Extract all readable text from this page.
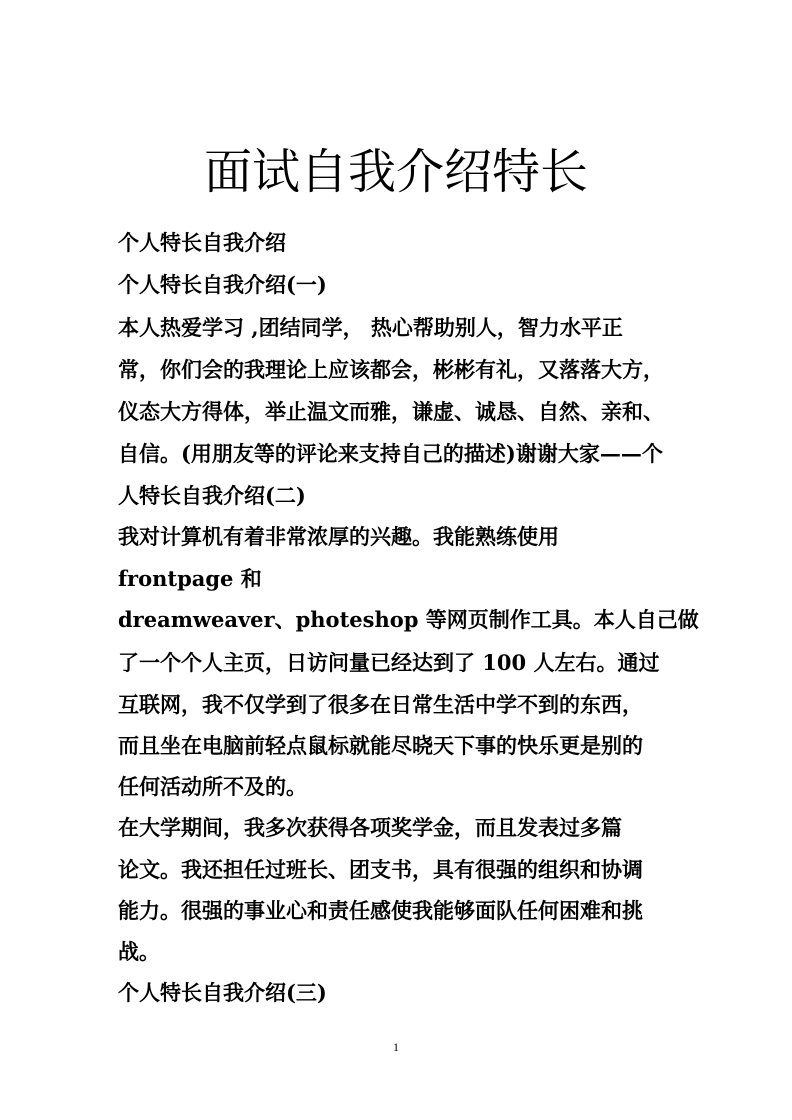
面试自我介绍特长

个人特长自我介绍

个人特长自我介绍(一)

本人热爱学习 ,团结同学， 热心帮助别人，智力水平正

常，你们会的我理论上应该都会，彬彬有礼，又落落大方，

仪态大方得体，举止温文而雅，谦虚、诚恳、自然、亲和、

自信。(用朋友等的评论来支持自己的描述)谢谢大家——个

人特长自我介绍(二)

我对计算机有着非常浓厚的兴趣。我能熟练使用

frontpage 和

dreamweaver、photeshop 等网页制作工具。本人自己做

了一个个人主页，日访问量已经达到了 100 人左右。通过

互联网，我不仅学到了很多在日常生活中学不到的东西，

而且坐在电脑前轻点鼠标就能尽晓天下事的快乐更是别的

任何活动所不及的。

在大学期间，我多次获得各项奖学金，而且发表过多篇

论文。我还担任过班长、团支书，具有很强的组织和协调

能力。很强的事业心和责任感使我能够面队任何困难和挑

战。

个人特长自我介绍(三)

1
